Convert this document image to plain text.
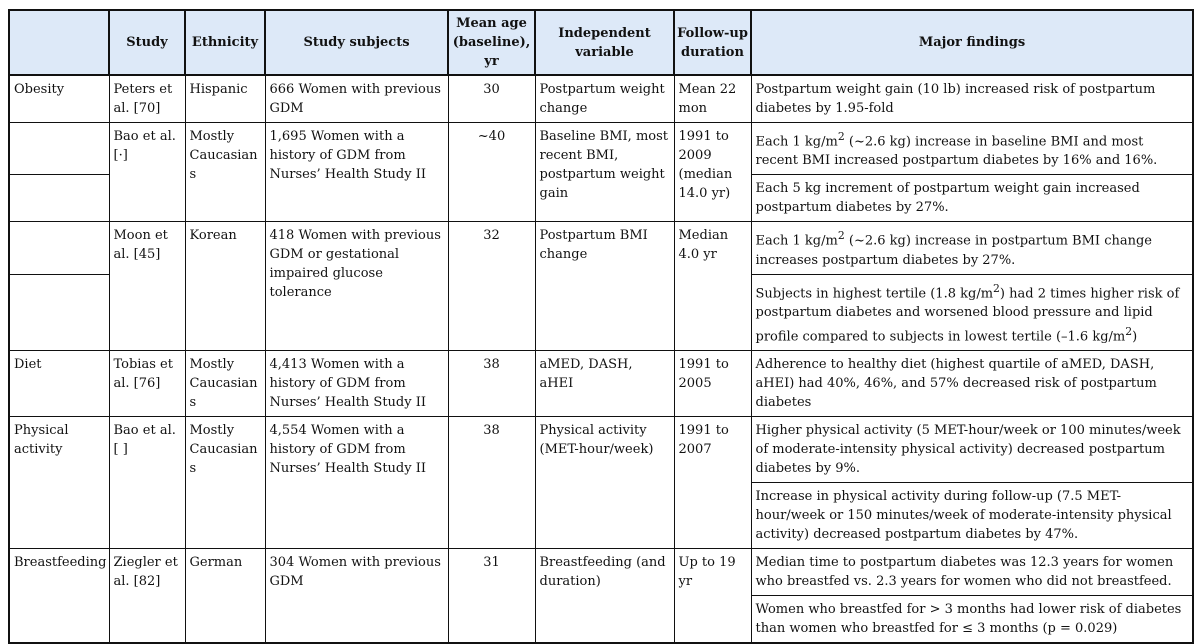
	Study	Ethnicity	Study subjects	Mean age (baseline), yr	Independent variable	Follow-up duration	Major findings
Obesity	Peters et al. [70]	Hispanic	666 Women with previous GDM	30	Postpartum weight change	Mean 22 mon	Postpartum weight gain (10 lb) increased risk of postpartum diabetes by 1.95-fold
	Bao et al. [·]	Mostly Caucasians	1,695 Women with a history of GDM from Nurses’ Health Study II	~40	Baseline BMI, most recent BMI, postpartum weight gain	1991 to 2009 (median 14.0 yr)	Each 1 $kg/m^2$ (~2.6 kg) increase in baseline BMI and most recent BMI increased postpartum diabetes by 16% and 16%.
							Each 5 kg increment of postpartum weight gain increased postpartum diabetes by 27%.
	Moon et al. [45]	Korean	418 Women with previous GDM or gestational impaired glucose tolerance	32	Postpartum BMI change	Median 4.0 yr	Each 1 $kg/m^2$ (~2.6 kg) increase in postpartum BMI change increases postpartum diabetes by 27%.
							Subjects in highest tertile (1.8 $kg/m^2$) had 2 times higher risk of postpartum diabetes and worsened blood pressure and lipid profile compared to subjects in lowest tertile (–1.6 $kg/m^2$)
Diet	Tobias et al. [76]	Mostly Caucasians	4,413 Women with a history of GDM from Nurses’ Health Study II	38	aMED, DASH, aHEI	1991 to 2005	Adherence to healthy diet (highest quartile of aMED, DASH, aHEI) had 40%, 46%, and 57% decreased risk of postpartum diabetes
Physical activity	Bao et al. [ ]	Mostly Caucasians	4,554 Women with a history of GDM from Nurses’ Health Study II	38	Physical activity (MET-hour/week)	1991 to 2007	Higher physical activity (5 MET-hour/week or 100 minutes/week of moderate-intensity physical activity) decreased postpartum diabetes by 9%.
							Increase in physical activity during follow-up (7.5 MET-hour/week or 150 minutes/week of moderate-intensity physical activity) decreased postpartum diabetes by 47%.
Breastfeeding	Ziegler et al. [82]	German	304 Women with previous GDM	31	Breastfeeding (and duration)	Up to 19 yr	Median time to postpartum diabetes was 12.3 years for women who breastfed vs. 2.3 years for women who did not breastfeed.
							Women who breastfed for > 3 months had lower risk of diabetes than women who breastfed for ≤ 3 months (p = 0.029)
